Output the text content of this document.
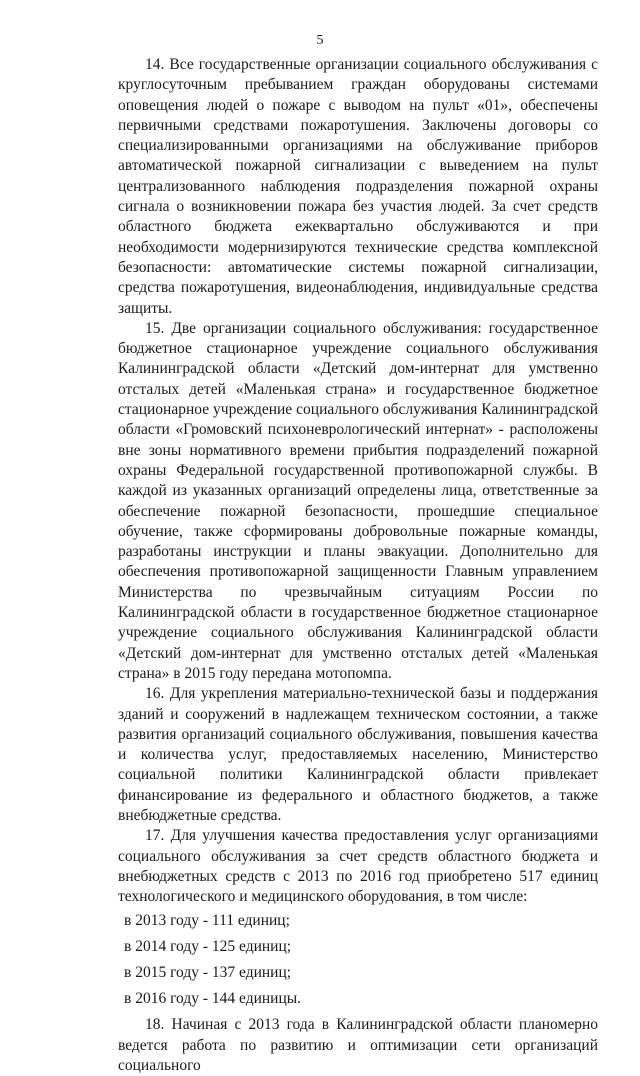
5

14. Все государственные организации социального обслуживания с круглосуточным пребыванием граждан оборудованы системами оповещения людей о пожаре с выводом на пульт «01», обеспечены первичными средствами пожаротушения. Заключены договоры со специализированными организациями на обслуживание приборов автоматической пожарной сигнализации с выведением на пульт централизованного наблюдения подразделения пожарной охраны сигнала о возникновении пожара без участия людей. За счет средств областного бюджета ежеквартально обслуживаются и при необходимости модернизируются технические средства комплексной безопасности: автоматические системы пожарной сигнализации, средства пожаротушения, видеонаблюдения, индивидуальные средства защиты.

15. Две организации социального обслуживания: государственное бюджетное стационарное учреждение социального обслуживания Калининградской области «Детский дом-интернат для умственно отсталых детей «Маленькая страна» и государственное бюджетное стационарное учреждение социального обслуживания Калининградской области «Громовский психоневрологический интернат» - расположены вне зоны нормативного времени прибытия подразделений пожарной охраны Федеральной государственной противопожарной службы. В каждой из указанных организаций определены лица, ответственные за обеспечение пожарной безопасности, прошедшие специальное обучение, также сформированы добровольные пожарные команды, разработаны инструкции и планы эвакуации. Дополнительно для обеспечения противопожарной защищенности Главным управлением Министерства по чрезвычайным ситуациям России по Калининградской области в государственное бюджетное стационарное учреждение социального обслуживания Калининградской области «Детский дом-интернат для умственно отсталых детей «Маленькая страна» в 2015 году передана мотопомпа.

16. Для укрепления материально-технической базы и поддержания зданий и сооружений в надлежащем техническом состоянии, а также развития организаций социального обслуживания, повышения качества и количества услуг, предоставляемых населению, Министерство социальной политики Калининградской области привлекает финансирование из федерального и областного бюджетов, а также внебюджетные средства.

17. Для улучшения качества предоставления услуг организациями социального обслуживания за счет средств областного бюджета и внебюджетных средств с 2013 по 2016 год приобретено 517 единиц технологического и медицинского оборудования, в том числе:

в 2013 году - 111 единиц;
в 2014 году - 125 единиц;
в 2015 году - 137 единиц;
в 2016 году - 144 единицы.

18. Начиная с 2013 года в Калининградской области планомерно ведется работа по развитию и оптимизации сети организаций социального
